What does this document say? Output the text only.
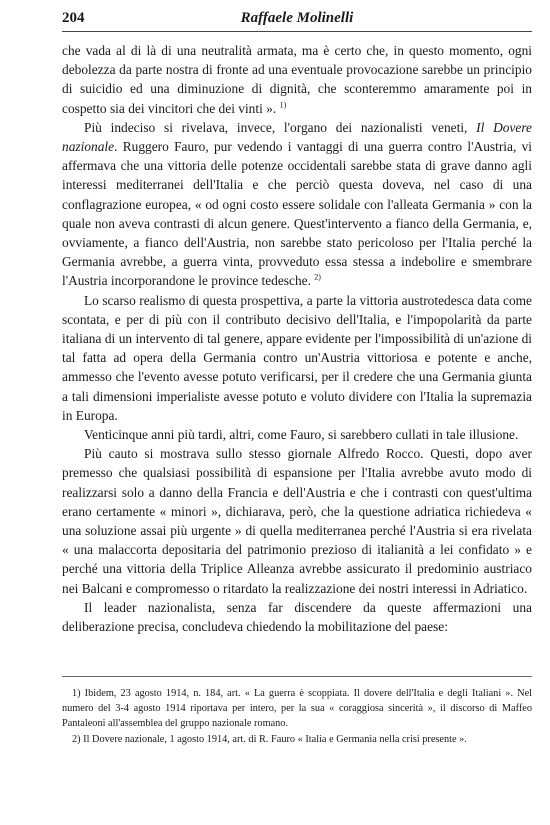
204	Raffaele Molinelli

che vada al di là di una neutralità armata, ma è certo che, in questo momento, ogni debolezza da parte nostra di fronte ad una eventuale provocazione sarebbe un principio di suicidio ed una diminuzione di dignità, che sconteremmo amaramente poi in cospetto sia dei vincitori che dei vinti ». $^{1)}$

Più indeciso si rivelava, invece, l'organo dei nazionalisti veneti, Il Dovere nazionale. Ruggero Fauro, pur vedendo i vantaggi di una guerra contro l'Austria, vi affermava che una vittoria delle potenze occidentali sarebbe stata di grave danno agli interessi mediterranei dell'Italia e che perciò questa doveva, nel caso di una conflagrazione europea, « od ogni costo essere solidale con l'alleata Germania » con la quale non aveva contrasti di alcun genere. Quest'intervento a fianco della Germania, e, ovviamente, a fianco dell'Austria, non sarebbe stato pericoloso per l'Italia perché la Germania avrebbe, a guerra vinta, provveduto essa stessa a indebolire e smembrare l'Austria incorporandone le province tedesche. $^{2)}$

Lo scarso realismo di questa prospettiva, a parte la vittoria austrotedesca data come scontata, e per di più con il contributo decisivo dell'Italia, e l'impopolarità da parte italiana di un intervento di tal genere, appare evidente per l'impossibilità di un'azione di tal fatta ad opera della Germania contro un'Austria vittoriosa e potente e anche, ammesso che l'evento avesse potuto verificarsi, per il credere che una Germania giunta a tali dimensioni imperialiste avesse potuto e voluto dividere con l'Italia la supremazia in Europa.

Venticinque anni più tardi, altri, come Fauro, si sarebbero cullati in tale illusione.

Più cauto si mostrava sullo stesso giornale Alfredo Rocco. Questi, dopo aver premesso che qualsiasi possibilità di espansione per l'Italia avrebbe avuto modo di realizzarsi solo a danno della Francia e dell'Austria e che i contrasti con quest'ultima erano certamente « minori », dichiarava, però, che la questione adriatica richiedeva « una soluzione assai più urgente » di quella mediterranea perché l'Austria si era rivelata « una malaccorta depositaria del patrimonio prezioso di italianità a lei confidato » e perché una vittoria della Triplice Alleanza avrebbe assicurato il predominio austriaco nei Balcani e compromesso o ritardato la realizzazione dei nostri interessi in Adriatico.

Il leader nazionalista, senza far discendere da queste affermazioni una deliberazione precisa, concludeva chiedendo la mobilitazione del paese:

1) Ibidem, 23 agosto 1914, n. 184, art. « La guerra è scoppiata. Il dovere dell'Italia e degli Italiani ». Nel numero del 3-4 agosto 1914 riportava per intero, per la sua « coraggiosa sincerità », il discorso di Maffeo Pantaleoni all'assemblea del gruppo nazionale romano.

2) Il Dovere nazionale, 1 agosto 1914, art. di R. Fauro « Italia e Germania nella crisi presente ».
